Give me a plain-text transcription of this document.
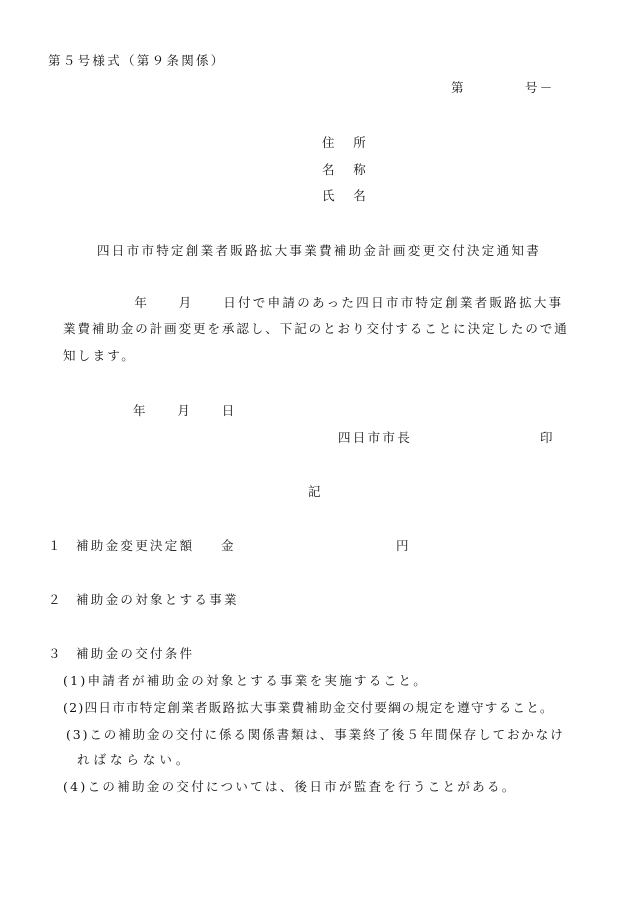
第５号様式（第９条関係）
第　　　　号－
住　所
名　称
氏　名
四日市市特定創業者販路拡大事業費補助金計画変更交付決定通知書
　　　年　　月　　日付で申請のあった四日市市特定創業者販路拡大事
業費補助金の計画変更を承認し、下記のとおり交付することに決定したので通
知します。
年　　月　　日
四日市市長	印
記
１ 補助金変更決定額 金	円
２ 補助金の対象とする事業
３ 補助金の交付条件
(1)申請者が補助金の対象とする事業を実施すること。
(2)四日市市特定創業者販路拡大事業費補助金交付要綱の規定を遵守すること。
(3)この補助金の交付に係る関係書類は、事業終了後５年間保存しておかなけ
れ ば な ら な い 。
(4)この補助金の交付については、後日市が監査を行うことがある。
